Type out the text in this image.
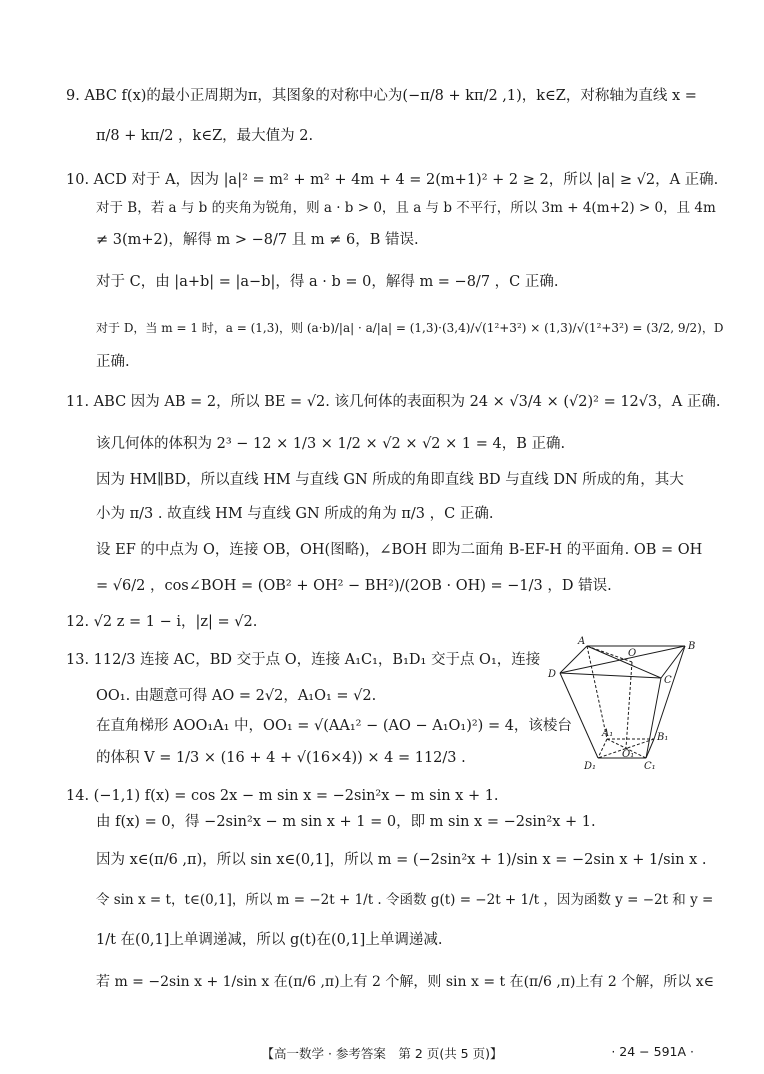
9. ABC f(x)的最小正周期为π，其图象的对称中心为(−π/8 + kπ/2 ,1)，k∈Z，对称轴为直线 x =
π/8 + kπ/2 ，k∈Z，最大值为 2.
10. ACD 对于 A，因为 |a|² = m² + m² + 4m + 4 = 2(m+1)² + 2 ≥ 2，所以 |a| ≥ √2，A 正确.
对于 B，若 a 与 b 的夹角为锐角，则 a · b > 0，且 a 与 b 不平行，所以 3m + 4(m+2) > 0，且 4m
≠ 3(m+2)，解得 m > −8/7 且 m ≠ 6，B 错误.
对于 C，由 |a+b| = |a−b|，得 a · b = 0，解得 m = −8/7 ，C 正确.
对于 D，当 m = 1 时，a = (1,3)，则 (a·b)/|a| · a/|a| = (1,3)·(3,4)/√(1²+3²) × (1,3)/√(1²+3²) = (3/2, 9/2)，D
正确.
11. ABC 因为 AB = 2，所以 BE = √2. 该几何体的表面积为 24 × √3/4 × (√2)² = 12√3，A 正确.
该几何体的体积为 2³ − 12 × 1/3 × 1/2 × √2 × √2 × 1 = 4，B 正确.
因为 HM∥BD，所以直线 HM 与直线 GN 所成的角即直线 BD 与直线 DN 所成的角，其大
小为 π/3 . 故直线 HM 与直线 GN 所成的角为 π/3 ，C 正确.
设 EF 的中点为 O，连接 OB，OH(图略)，∠BOH 即为二面角 B-EF-H 的平面角. OB = OH
= √6/2 ，cos∠BOH = (OB² + OH² − BH²)/(2OB · OH) = −1/3 ，D 错误.
12. √2 z = 1 − i，|z| = √2.
13. 112/3 连接 AC，BD 交于点 O，连接 A₁C₁，B₁D₁ 交于点 O₁，连接
OO₁. 由题意可得 AO = 2√2，A₁O₁ = √2.
在直角梯形 AOO₁A₁ 中，OO₁ = √(AA₁² − (AO − A₁O₁)²) = 4，该棱台
的体积 V = 1/3 × (16 + 4 + √(16×4)) × 4 = 112/3 .
14. (−1,1) f(x) = cos 2x − m sin x = −2sin²x − m sin x + 1.
由 f(x) = 0，得 −2sin²x − m sin x + 1 = 0，即 m sin x = −2sin²x + 1.
因为 x∈(π/6 ,π)，所以 sin x∈(0,1]，所以 m = (−2sin²x + 1)/sin x = −2sin x + 1/sin x .
令 sin x = t，t∈(0,1]，所以 m = −2t + 1/t . 令函数 g(t) = −2t + 1/t ，因为函数 y = −2t 和 y =
1/t 在(0,1]上单调递减，所以 g(t)在(0,1]上单调递减.
若 m = −2sin x + 1/sin x 在(π/6 ,π)上有 2 个解，则 sin x = t 在(π/6 ,π)上有 2 个解，所以 x∈
A	B
C
D
O
A₁	B₁
C₁
D₁
O₁
【高一数学 · 参考答案　第 2 页(共 5 页)】	· 24 − 591A ·
